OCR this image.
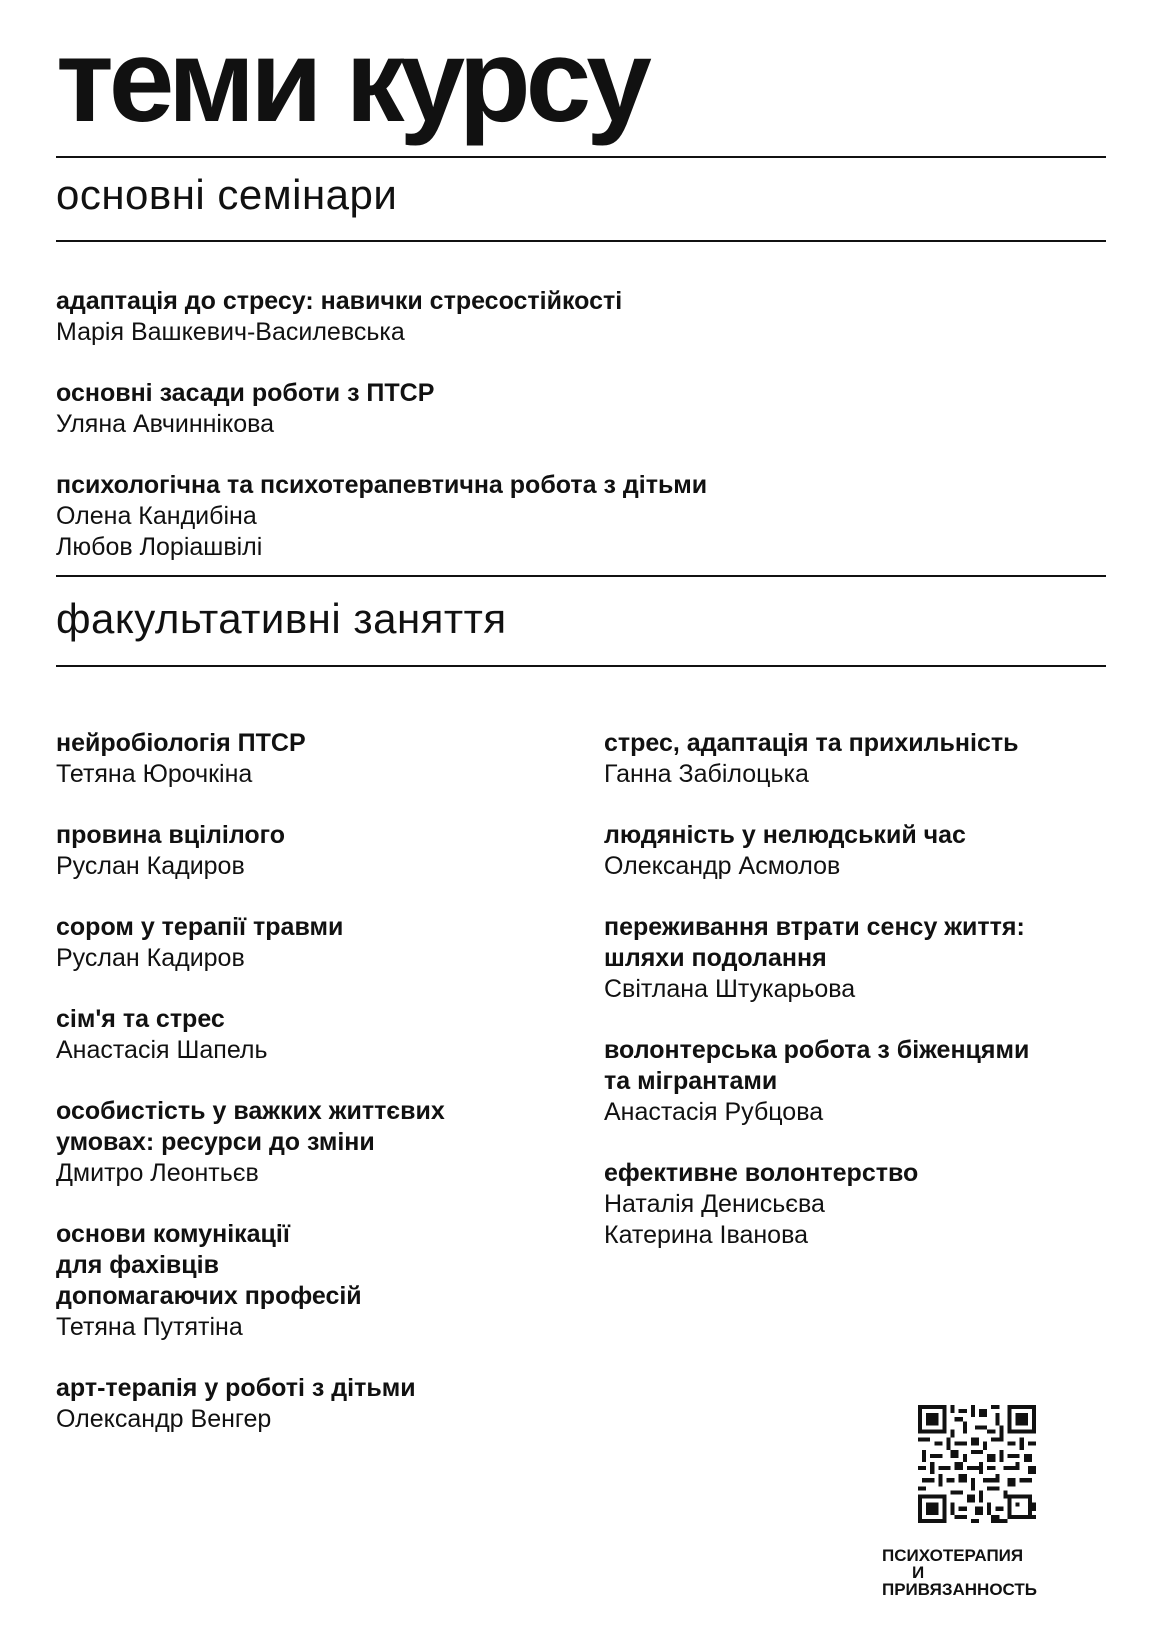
теми курсу
основні семінари

адаптація до стресу: навички стресостійкості

Марія Вашкевич-Василевська

основні засади роботи з ПТСР

Уляна Авчиннікова

психологічна та психотерапевтична робота з дітьми

Олена Кандибіна

Любов Лоріашвілі

факультативні заняття

нейробіологія ПТСР

Тетяна Юрочкіна

провина вцілілого

Руслан Кадиров

сором у терапії травми

Руслан Кадиров

сім'я та стрес

Анастасія Шапель

особистість у важких життєвих
умовах: ресурси до зміни

Дмитро Леонтьєв

основи комунікації
для фахівців
допомагаючих професій

Тетяна Путятіна

арт-терапія у роботі з дітьми

Олександр Венгер

стрес, адаптація та прихильність

Ганна Забілоцька

людяність у нелюдський час

Олександр Асмолов

переживання втрати сенсу життя:
шляхи подолання

Світлана Штукарьова

волонтерська робота з біженцями
та мігрантами

Анастасія Рубцова

ефективне волонтерство

Наталія Денисьєва

Катерина Іванова

ПСИХОТЕРАПИЯ
И
ПРИВЯЗАННОСТЬ
